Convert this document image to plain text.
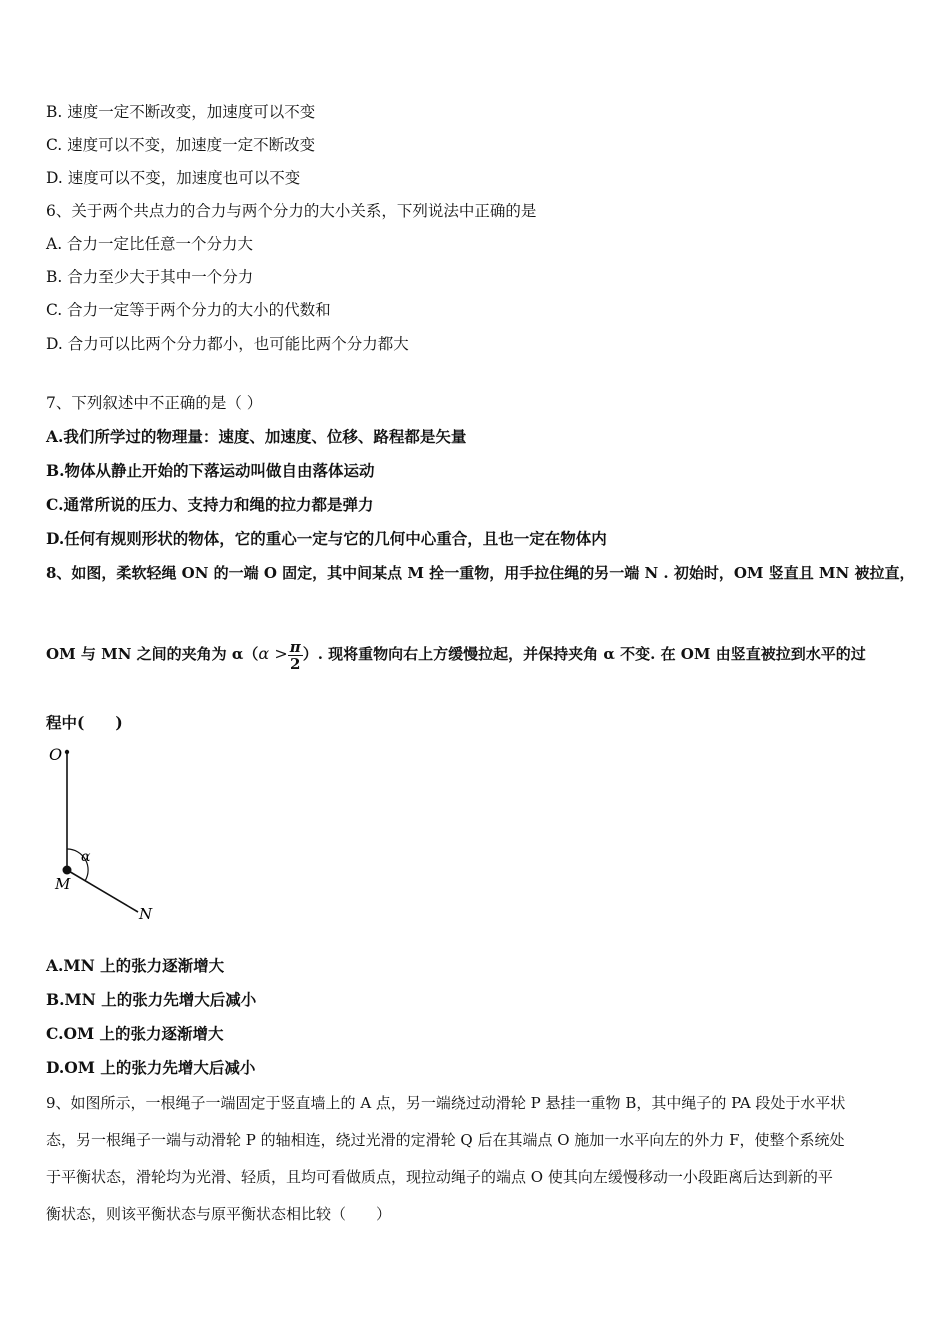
B. 速度一定不断改变，加速度可以不变
C. 速度可以不变，加速度一定不断改变
D. 速度可以不变，加速度也可以不变
6、关于两个共点力的合力与两个分力的大小关系，下列说法中正确的是
A. 合力一定比任意一个分力大
B. 合力至少大于其中一个分力
C. 合力一定等于两个分力的大小的代数和
D. 合力可以比两个分力都小，也可能比两个分力都大
7、下列叙述中不正确的是（ ）
A.我们所学过的物理量：速度、加速度、位移、路程都是矢量
B.物体从静止开始的下落运动叫做自由落体运动
C.通常所说的压力、支持力和绳的拉力都是弹力
D.任何有规则形状的物体，它的重心一定与它的几何中心重合，且也一定在物体内
8、如图，柔软轻绳 ON 的一端 O 固定，其中间某点 M 拴一重物，用手拉住绳的另一端 N . 初始时，OM 竖直且 MN 被拉直，
OM 与 MN 之间的夹角为 $\alpha(\alpha > \frac{\pi}{2}$ ）. 现将重物向右上方缓慢拉起，并保持夹角 α 不变. 在 OM 由竖直被拉到水平的过
程中(　　)
O
M
N
α
A.MN 上的张力逐渐增大
B.MN 上的张力先增大后减小
C.OM 上的张力逐渐增大
D.OM 上的张力先增大后减小
9、如图所示，一根绳子一端固定于竖直墙上的 A 点，另一端绕过动滑轮 P 悬挂一重物 B，其中绳子的 PA 段处于水平状
态，另一根绳子一端与动滑轮 P 的轴相连，绕过光滑的定滑轮 Q 后在其端点 O 施加一水平向左的外力 F，使整个系统处
于平衡状态，滑轮均为光滑、轻质，且均可看做质点，现拉动绳子的端点 O 使其向左缓慢移动一小段距离后达到新的平
衡状态，则该平衡状态与原平衡状态相比较（　　）
